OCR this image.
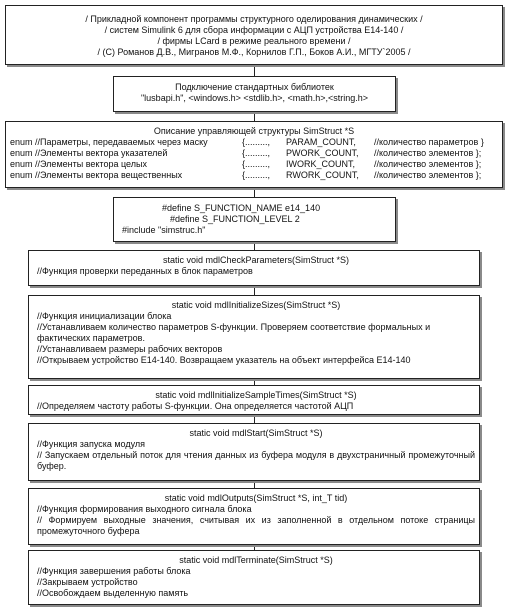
/ Прикладной компонент программы структурного оделирования динамических /
/ систем Simulink 6 для сбора информации с АЦП устройства Е14-140 /
/ фирмы LCard в режиме реального времени /
/ (С) Романов Д.В., Мигранов М.Ф., Корнилов Г.П., Боков А.И., МГТУ`2005 /
Подключение стандартных библиотек
"lusbapi.h", <windows.h> <stdlib.h>, <math.h>,<string.h>
Описание управляющей структуры SimStruct *S
enum //Параметры, передаваемых через маску	{........., PARAM_COUNT, //количество параметров }
enum //Элементы вектора указателей	{........., PWORK_COUNT, //количество элементов };
enum //Элементы вектора целых	{........., IWORK_COUNT, //количество элементов };
enum //Элементы вектора вещественных	{........., RWORK_COUNT, //количество элементов };
#define S_FUNCTION_NAME e14_140
#define S_FUNCTION_LEVEL 2
#include "simstruc.h"
static void mdlCheckParameters(SimStruct *S)
//Функция проверки переданных в блок параметров
static void mdlInitializeSizes(SimStruct *S)
//Функция инициализации блока
//Устанавливаем количество параметров S-функции. Проверяем соответствие формальных и фактических параметров.
//Устанавливаем размеры рабочих векторов
//Открываем устройство Е14-140. Возвращаем указатель на объект интерфейса Е14-140
static void mdlInitializeSampleTimes(SimStruct *S)
//Определяем частоту работы S-функции. Она определяется частотой АЦП
static void mdlStart(SimStruct *S)
//Функция запуска модуля
// Запускаем отдельный поток для чтения данных из буфера модуля в двухстраничный промежуточный буфер.
static void mdlOutputs(SimStruct *S, int_T tid)
//Функция формирования выходного сигнала блока
// Формируем выходные значения, считывая их из заполненной в отдельном потоке страницы промежуточного буфера
static void mdlTerminate(SimStruct *S)
//Функция завершения работы блока
//Закрываем устройство
//Освобождаем выделенную память
